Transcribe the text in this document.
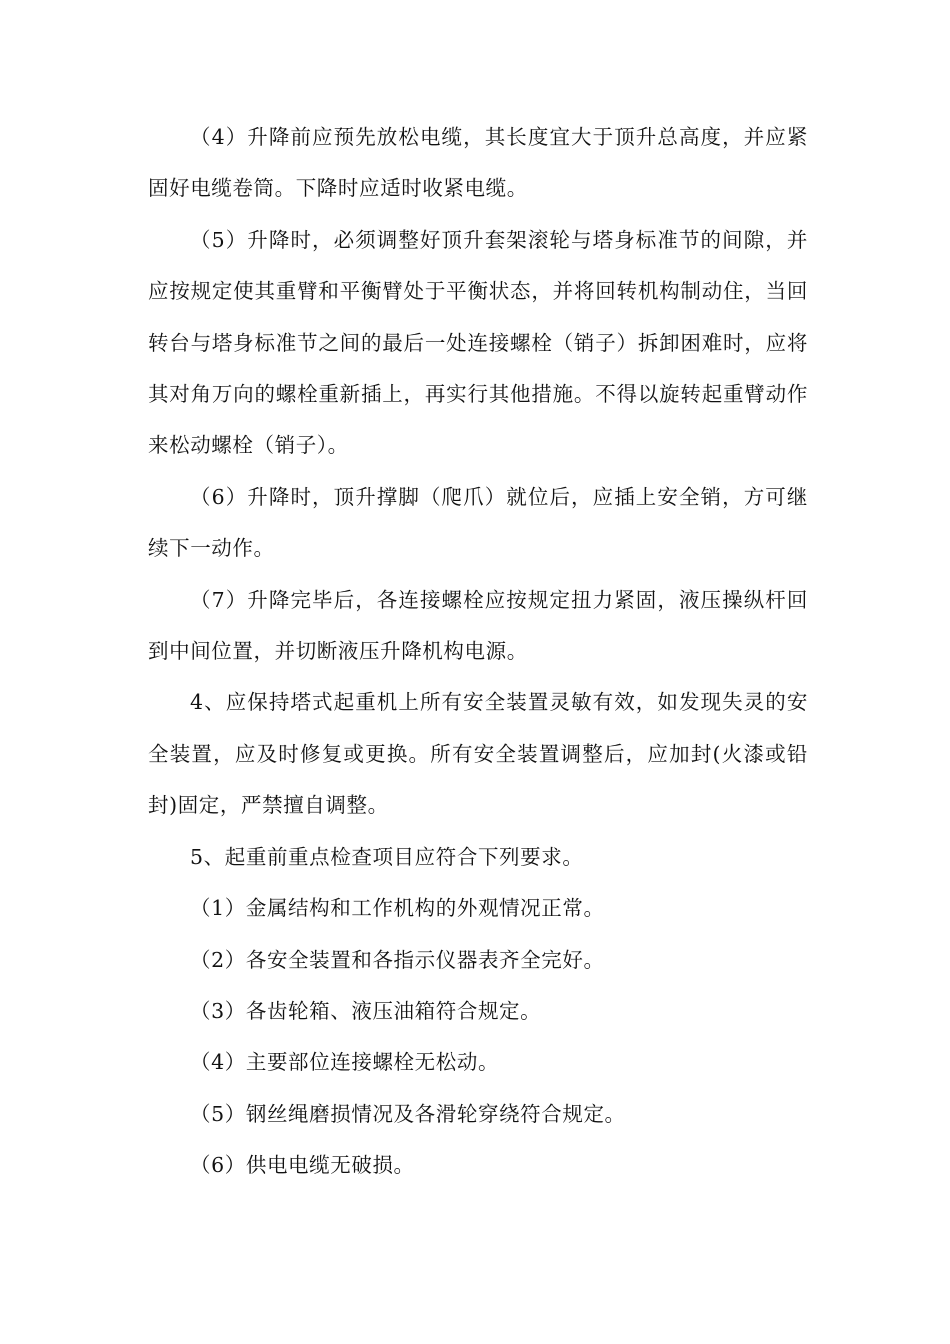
（4）升降前应预先放松电缆，其长度宜大于顶升总高度，并应紧固好电缆卷筒。下降时应适时收紧电缆。

（5）升降时，必须调整好顶升套架滚轮与塔身标准节的间隙，并应按规定使其重臂和平衡臂处于平衡状态，并将回转机构制动住，当回转台与塔身标准节之间的最后一处连接螺栓（销子）拆卸困难时，应将其对角万向的螺栓重新插上，再实行其他措施。不得以旋转起重臂动作来松动螺栓（销子）。

（6）升降时，顶升撑脚（爬爪）就位后，应插上安全销，方可继续下一动作。

（7）升降完毕后，各连接螺栓应按规定扭力紧固，液压操纵杆回到中间位置，并切断液压升降机构电源。

4、应保持塔式起重机上所有安全装置灵敏有效，如发现失灵的安全装置，应及时修复或更换。所有安全装置调整后，应加封(火漆或铅封)固定，严禁擅自调整。

5、起重前重点检查项目应符合下列要求。

（1）金属结构和工作机构的外观情况正常。

（2）各安全装置和各指示仪器表齐全完好。

（3）各齿轮箱、液压油箱符合规定。

（4）主要部位连接螺栓无松动。

（5）钢丝绳磨损情况及各滑轮穿绕符合规定。

（6）供电电缆无破损。
